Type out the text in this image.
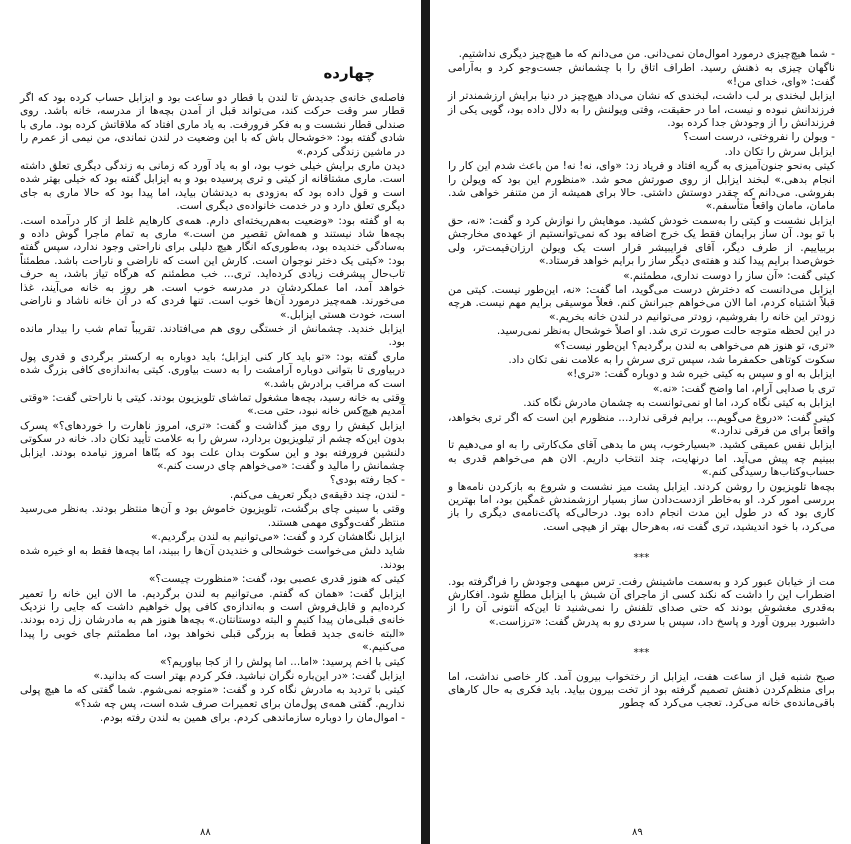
چهارده

فاصله‌ی خانه‌ی جدیدش تا لندن با قطار دو ساعت بود و ایزابل حساب کرده بود که اگر قطار سر وقت حرکت کند، می‌تواند قبل از آمدن بچه‌ها از مدرسه، خانه باشد. روی صندلی قطار نشست و به فکر فرورفت. به یاد ماری افتاد که ملاقاتش کرده بود. ماری با شادی گفته بود: «خوشحال باش که با این وضعیت در لندن نماندی، من نیمی از عمرم را در ماشین زندگی کردم.»

دیدن ماری برایش خیلی خوب بود، او به یاد آورد که زمانی به زندگی دیگری تعلق داشته است. ماری مشتاقانه از کیتی و تری پرسیده بود و به ایزابل گفته بود که خیلی بهتر شده است و قول داده بود که به‌زودی به دیدنشان بیاید، اما پیدا بود که حالا ماری به جای دیگری تعلق دارد و در خدمت خانواده‌ی دیگری است.

به او گفته بود: «وضعیت به‌هم‌ریخته‌ای دارم. همه‌ی کارهایم غلط از کار درآمده است. بچه‌ها شاد نیستند و همه‌اش تقصیر من است.» ماری به تمام ماجرا گوش داده و به‌سادگی خندیده بود، به‌طوری‌که انگار هیچ دلیلی برای ناراحتی وجود ندارد، سپس گفته بود: «کیتی یک دختر نوجوان است. کارش این است که ناراضی و ناراحت باشد. مطمئناً تاب‌حال پیشرفت زیادی کرده‌اید. تری... خب مطمئنم که هرگاه تیاز باشد، به حرف خواهد آمد، اما عملکردشان در مدرسه خوب است. هر روز به خانه می‌آیند، غذا می‌خورند. همه‌چیز درمورد آن‌ها خوب است. تنها فردی که در آن خانه ناشاد و ناراضی است، خودت هستی ایزابل.»

ایزابل خندید. چشمانش از خستگی روی هم می‌افتادند. تقریباً تمام شب را بیدار مانده بود.

ماری گفته بود: «تو باید کار کنی ایزابل؛ باید دوباره به ارکستر برگردی و قدری پول دربیاوری تا بتوانی دوباره آرامشت را به دست بیاوری. کیتی به‌اندازه‌ی کافی بزرگ شده است که مراقب برادرش باشد.»

وقتی به خانه رسید، بچه‌ها مشغول تماشای تلویزیون بودند. کیتی با ناراحتی گفت: «وقتی آمدیم هیچ‌کس خانه نبود، حتی مت.»

ایزابل کیفش را روی میز گذاشت و گفت: «تری، امروز ناهارت را خوردهای؟» پسرک بدون این‌که چشم از تیلویزیون بردارد، سرش را به علامت تأیید تکان داد. خانه در سکوتی دلنشین فرورفته بود و این سکوت بدان علت بود که بنّاها امروز نیامده بودند. ایزابل چشمانش را مالید و گفت: «می‌خواهم چای درست کنم.»

- کجا رفته بودی؟

- لندن، چند دقیقه‌ی دیگر تعریف می‌کنم.

وقتی با سینی چای برگشت، تلویزیون خاموش بود و آن‌ها منتظر بودند. به‌نظر می‌رسید منتظر گفت‌وگوی مهمی هستند.

ایزابل نگاهشان کرد و گفت: «می‌توانیم به لندن برگردیم.»

شاید دلش می‌خواست خوشحالی و خندیدن آن‌ها را ببیند، اما بچه‌ها فقط به او خیره شده بودند.

کیتی که هنوز قدری عصبی بود، گفت: «منظورت چیست؟»

ایزابل گفت: «همان که گفتم. می‌توانیم به لندن برگردیم. ما الان این خانه را تعمیر کرده‌ایم و قابل‌فروش است و به‌اندازه‌ی کافی پول خواهیم داشت که جایی را نزدیک خانه‌ی قبلی‌مان پیدا کنیم و البته دوستانتان.» بچه‌ها هنوز هم به مادرشان زل زده بودند. «البته خانه‌ی جدید قطعاً به بزرگی قبلی نخواهد بود، اما مطمئنم جای خوبی را پیدا می‌کنیم.»

کیتی با اخم پرسید: «اما... اما پولش را از کجا بیاوریم؟»

ایزابل گفت: «در این‌باره نگران نباشید. فکر کردم بهتر است که بدانید.»

کیتی با تردید به مادرش نگاه کرد و گفت: «متوجه نمی‌شوم. شما گفتی که ما هیچ پولی نداریم. گفتی همه‌ی پول‌مان برای تعمیرات صرف شده است، پس چه شد؟»

- اموال‌مان را دوباره سازماندهی کردم. برای همین به لندن رفته بودم.

۸۸

- شما هیچ‌چیزی درمورد اموال‌مان نمی‌دانی. من می‌دانم که ما هیچ‌چیز دیگری نداشتیم.

ناگهان چیزی به ذهنش رسید. اطراف اتاق را با چشمانش جست‌وجو کرد و به‌آرامی گفت: «وای، خدای من!»

ایزابل لبخندی بر لب داشت، لبخندی که نشان می‌داد هیچ‌چیز در دنیا برایش ارزشمندتر از فرزندانش نبوده و نیست، اما در حقیقت، وقتی ویولنش را به دلال داده بود، گویی یکی از فرزندانش را از وجودش جدا کرده بود.

- ویولن را نفروختی، درست است؟

ایزابل سرش را تکان داد.

کیتی به‌نحو جنون‌آمیزی به گریه افتاد و فریاد زد: «وای، نه! نه! من باعث شدم این کار را انجام بدهی.» لبخند ایزابل از روی صورتش محو شد. «منظورم این بود که ویولن را بفروشی. می‌دانم که چقدر دوستش داشتی. حالا برای همیشه از من متنفر خواهی شد. مامان، مامان واقعاً متأسفم.»

ایزابل نشست و کیتی را به‌سمت خودش کشید. موهایش را نوازش کرد و گفت: «نه، حق با تو بود. آن ساز برایمان فقط یک خرج اضافه بود که نمی‌توانستیم از عهده‌ی مخارجش بربیاییم. از طرف دیگر، آقای فرایبیشر قرار است یک ویولن ارزان‌قیمت‌تر، ولی خوش‌صدا برایم پیدا کند و هفته‌ی دیگر ساز را برایم خواهد فرستاد.»

کیتی گفت: «آن ساز را دوست نداری، مطمئنم.»

ایزابل می‌دانست که دخترش درست می‌گوید، اما گفت: «نه، این‌طور نیست. کیتی من قبلاً اشتباه کردم، اما الان می‌خواهم جبرانش کنم. فعلاً موسیقی برایم مهم نیست. هرچه زودتر این خانه را بفروشیم، زودتر می‌توانیم در لندن خانه بخریم.»

در این لحظه متوجه حالت صورت تری شد. او اصلاً خوشحال به‌نظر نمی‌رسید.

«تری، تو هنوز هم می‌خواهی به لندن برگردیم؟ این‌طور نیست؟»

سکوت کوتاهی حکمفرما شد، سپس تری سرش را به علامت نفی تکان داد.

ایزابل به او و سپس به کیتی خیره شد و دوباره گفت: «تری!»

تری با صدایی آرام، اما واضح گفت: «نه.»

ایزابل به کیتی نگاه کرد، اما او نمی‌توانست به چشمان مادرش نگاه کند.

کیتی گفت: «دروغ می‌گویم... برایم فرقی ندارد... منظورم این است که اگر تری بخواهد، واقعاً برای من فرقی ندارد.»

ایزابل نفس عمیقی کشید. «بسیارخوب، پس ما بدهی آقای مک‌کارتی را به او می‌دهیم تا ببینیم چه پیش می‌آید. اما درنهایت، چند انتخاب داریم. الان هم می‌خواهم قدری به حساب‌وکتاب‌ها رسیدگی کنم.»

بچه‌ها تلویزیون را روشن کردند. ایزابل پشت میز نشست و شروع به بازکردن نامه‌ها و بررسی امور کرد. او به‌خاطر ازدست‌دادن ساز بسیار ارزشمندش غمگین بود، اما بهترین کاری بود که در طول این مدت انجام داده بود. درحالی‌که پاکت‌نامه‌ی دیگری را باز می‌کرد، با خود اندیشید، تری گفت نه، به‌هرحال بهتر از هیچی است.

***

مت از خیابان عبور کرد و به‌سمت ماشینش رفت. ترس مبهمی وجودش را فراگرفته بود. اضطراب این را داشت که نکند کسی از ماجرای آن شبش با ایزابل مطلع شود. افکارش به‌قدری مغشوش بودند که حتی صدای تلفنش را نمی‌شنید تا این‌که آنتونی آن را از داشبورد بیرون آورد و پاسخ داد، سپس با سردی رو به پدرش گفت: «ترزاست.»

***

صبح شنبه قبل از ساعت هفت، ایزابل از رختخواب بیرون آمد. کار خاصی نداشت، اما برای منظم‌کردن ذهنش تصمیم گرفته بود از تخت بیرون بیاید. باید فکری به حال کارهای باقی‌مانده‌ی خانه می‌کرد. تعجب می‌کرد که چطور

۸۹
